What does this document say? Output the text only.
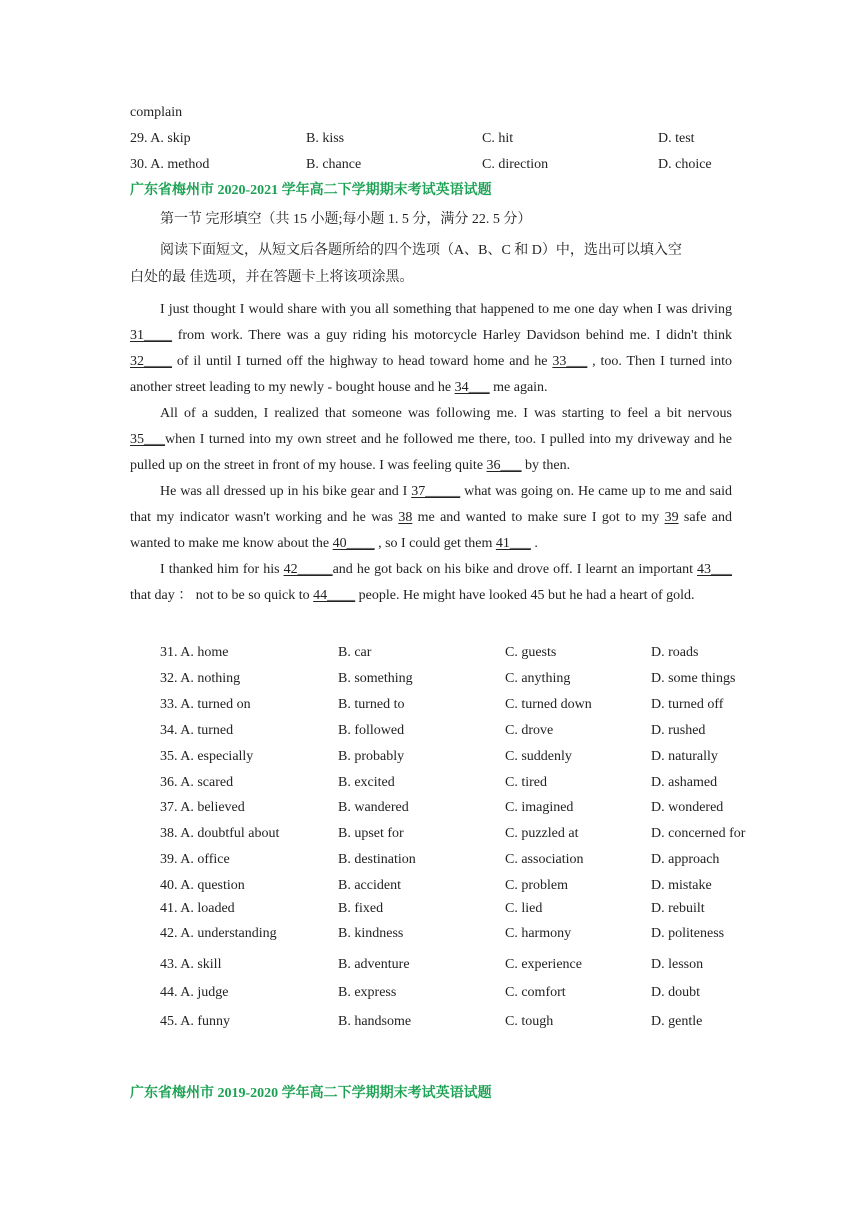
complain
29. A. skip	B. kiss	C. hit	D. test
30. A. method	B. chance	C. direction	D. choice
广东省梅州市 2020-2021 学年高二下学期期末考试英语试题
第一节 完形填空（共 15 小题;每小题 1. 5 分，满分 22. 5 分）
阅读下面短文，从短文后各题所给的四个选项（A、B、C 和 D）中，选出可以填入空
白处的最 佳选项，并在答题卡上将该项涂黑。

I just thought I would share with you all something that happened to me one day when I was driving 31____ from work. There was a guy riding his motorcycle Harley Davidson behind me. I didn't think 32____ of il until I turned off the highway to head toward home and he 33___ , too. Then I turned into another street leading to my newly - bought house and he 34___ me again.

All of a sudden, I realized that someone was following me. I was starting to feel a bit nervous 35___when I turned into my own street and he followed me there, too. I pulled into my driveway and he pulled up on the street in front of my house. I was feeling quite 36___ by then.

He was all dressed up in his bike gear and I 37_____ what was going on. He came up to me and said that my indicator wasn't working and he was 38 me and wanted to make sure I got to my 39 safe and wanted to make me know about the 40____ , so I could get them 41___ .

I thanked him for his 42_____and he got back on his bike and drove off. I learnt an important 43___ that day ： not to be so quick to 44____ people. He might have looked 45 but he had a heart of gold.

31. A. home	B. car	C. guests	D. roads
32. A. nothing	B. something	C. anything	D. some things
33. A. turned on	B. turned to	C. turned down	D. turned off
34. A. turned	B. followed	C. drove	D. rushed
35. A. especially	B. probably	C. suddenly	D. naturally
36. A. scared	B. excited	C. tired	D. ashamed
37. A. believed	B. wandered	C. imagined	D. wondered
38. A. doubtful about	B. upset for	C. puzzled at	D. concerned for
39. A. office	B. destination	C. association	D. approach
40. A. question	B. accident	C. problem	D. mistake
41. A. loaded	B. fixed	C. lied	D. rebuilt
42. A. understanding	B. kindness	C. harmony	D. politeness
43. A. skill	B. adventure	C. experience	D. lesson
44. A. judge	B. express	C. comfort	D. doubt
45. A. funny	B. handsome	C. tough	D. gentle
广东省梅州市 2019-2020 学年高二下学期期末考试英语试题
